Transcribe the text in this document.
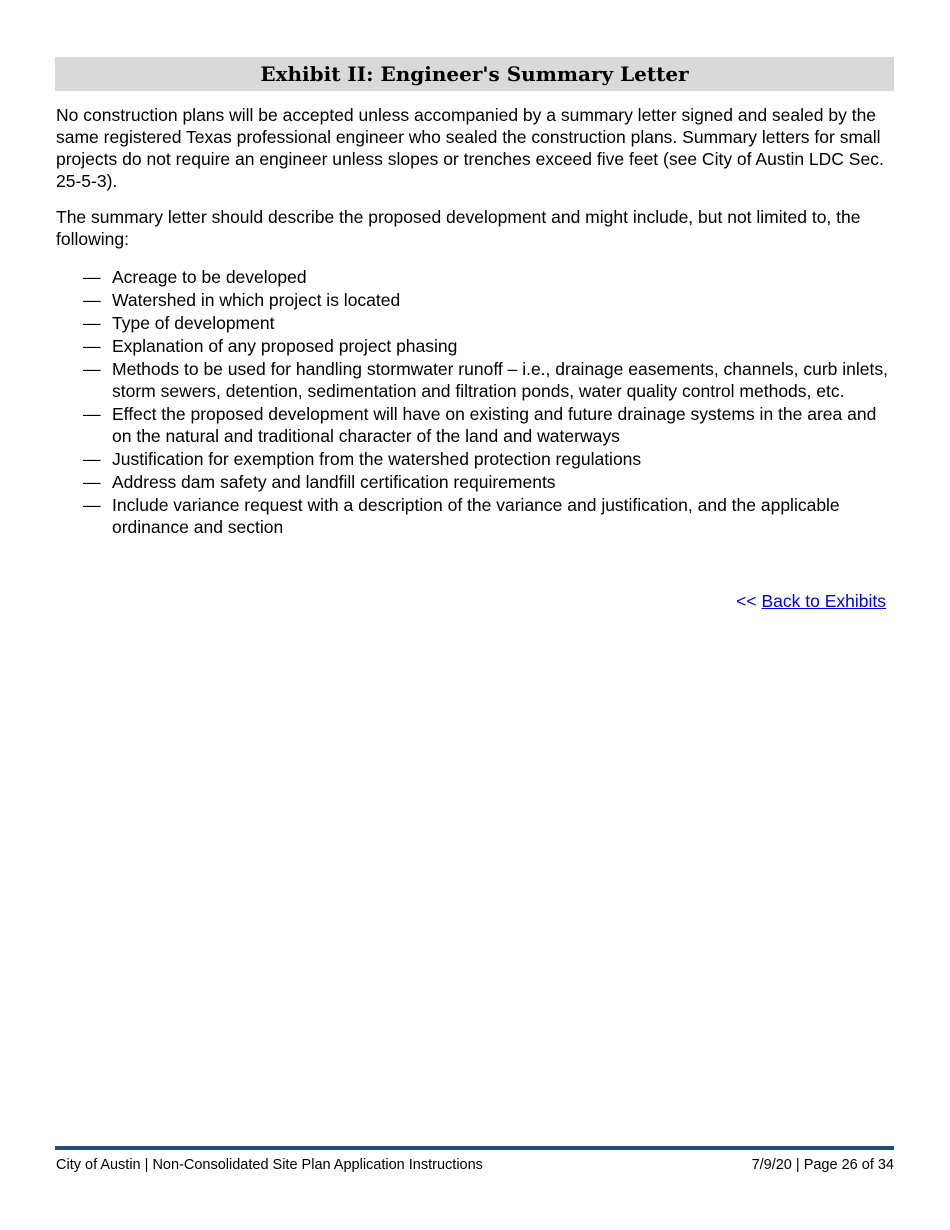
Exhibit II: Engineer's Summary Letter

No construction plans will be accepted unless accompanied by a summary letter signed and sealed by the same registered Texas professional engineer who sealed the construction plans. Summary letters for small projects do not require an engineer unless slopes or trenches exceed five feet (see City of Austin LDC Sec. 25-5-3).

The summary letter should describe the proposed development and might include, but not limited to, the following:

— Acreage to be developed
— Watershed in which project is located
— Type of development
— Explanation of any proposed project phasing
— Methods to be used for handling stormwater runoff – i.e., drainage easements, channels, curb inlets, storm sewers, detention, sedimentation and filtration ponds, water quality control methods, etc.
— Effect the proposed development will have on existing and future drainage systems in the area and on the natural and traditional character of the land and waterways
— Justification for exemption from the watershed protection regulations
— Address dam safety and landfill certification requirements
— Include variance request with a description of the variance and justification, and the applicable ordinance and section
<< Back to Exhibits
City of Austin | Non-Consolidated Site Plan Application Instructions	7/9/20 | Page 26 of 34
